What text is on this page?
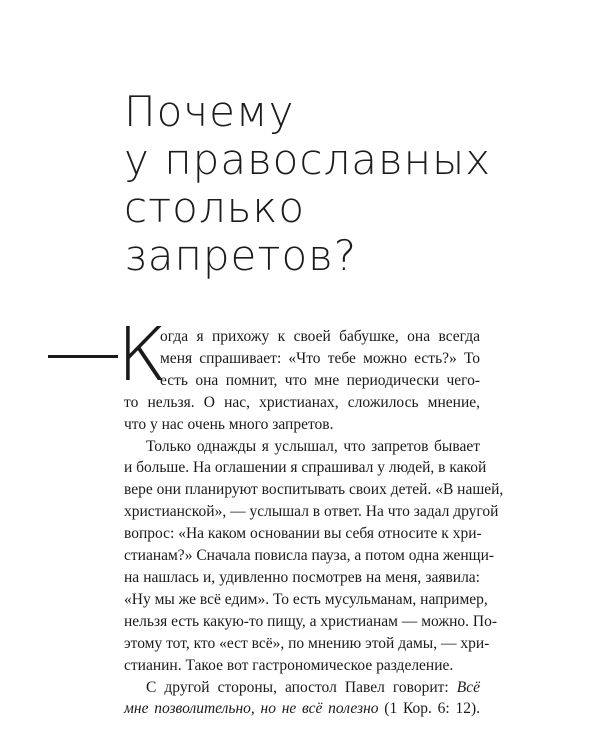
Почему
у православных
столько
запретов?
К
огда я прихожу к своей бабушке, она всегда
меня спрашивает: «Что тебе можно есть?» То
есть она помнит, что мне периодически чего-
то нельзя. О нас, христианах, сложилось мнение,
что у нас очень много запретов.
Только однажды я услышал, что запретов бывает
и больше. На оглашении я спрашивал у людей, в какой
вере они планируют воспитывать своих детей. «В нашей,
христианской», — услышал в ответ. На что задал другой
вопрос: «На каком основании вы себя относите к хри-
стианам?» Сначала повисла пауза, а потом одна женщи-
на нашлась и, удивленно посмотрев на меня, заявила:
«Ну мы же всё едим». То есть мусульманам, например,
нельзя есть какую-то пищу, а христианам — можно. По-
этому тот, кто «ест всё», по мнению этой дамы, — хри-
стианин. Такое вот гастрономическое разделение.
С другой стороны, апостол Павел говорит: Всё
мне позволительно, но не всё полезно (1 Кор. 6: 12).
